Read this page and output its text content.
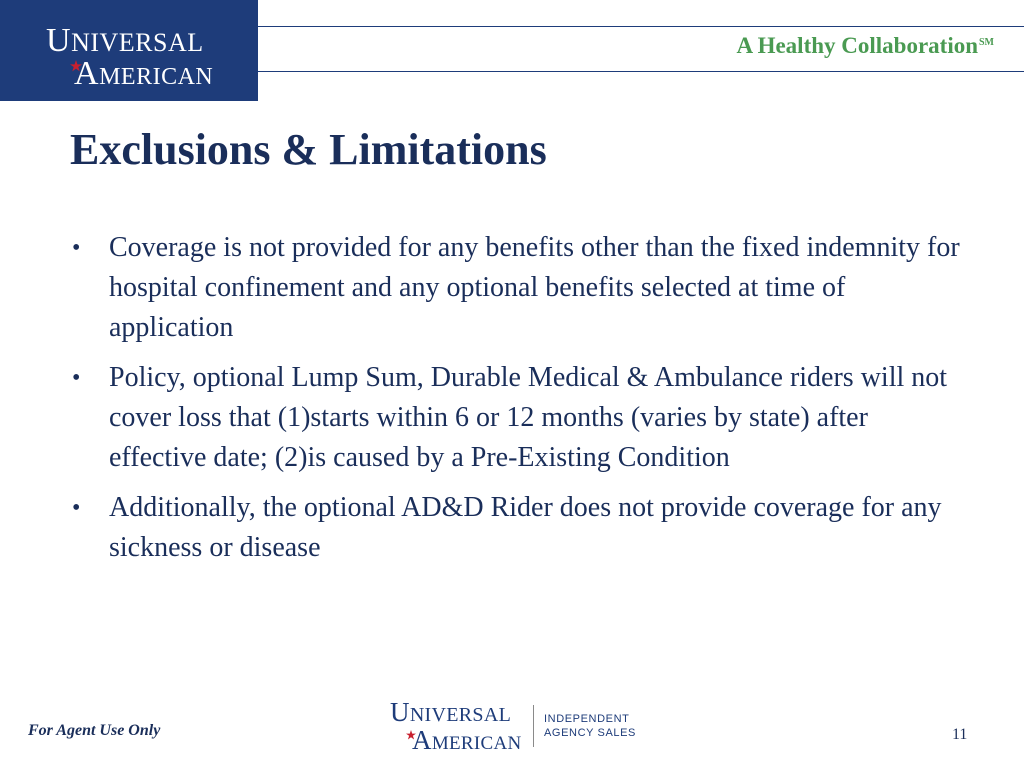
UNIVERSAL
AMERICAN
A Healthy Collaboration℠
Exclusions & Limitations
• Coverage is not provided for any benefits other than the fixed indemnity for hospital confinement and any optional benefits selected at time of application
• Policy, optional Lump Sum, Durable Medical & Ambulance riders will not cover loss that (1)starts within 6 or 12 months (varies by state) after effective date; (2)is caused by a Pre-Existing Condition
• Additionally, the optional AD&D Rider does not provide coverage for any sickness or disease
For Agent Use Only
UNIVERSAL
AMERICAN
INDEPENDENT
AGENCY SALES	11
